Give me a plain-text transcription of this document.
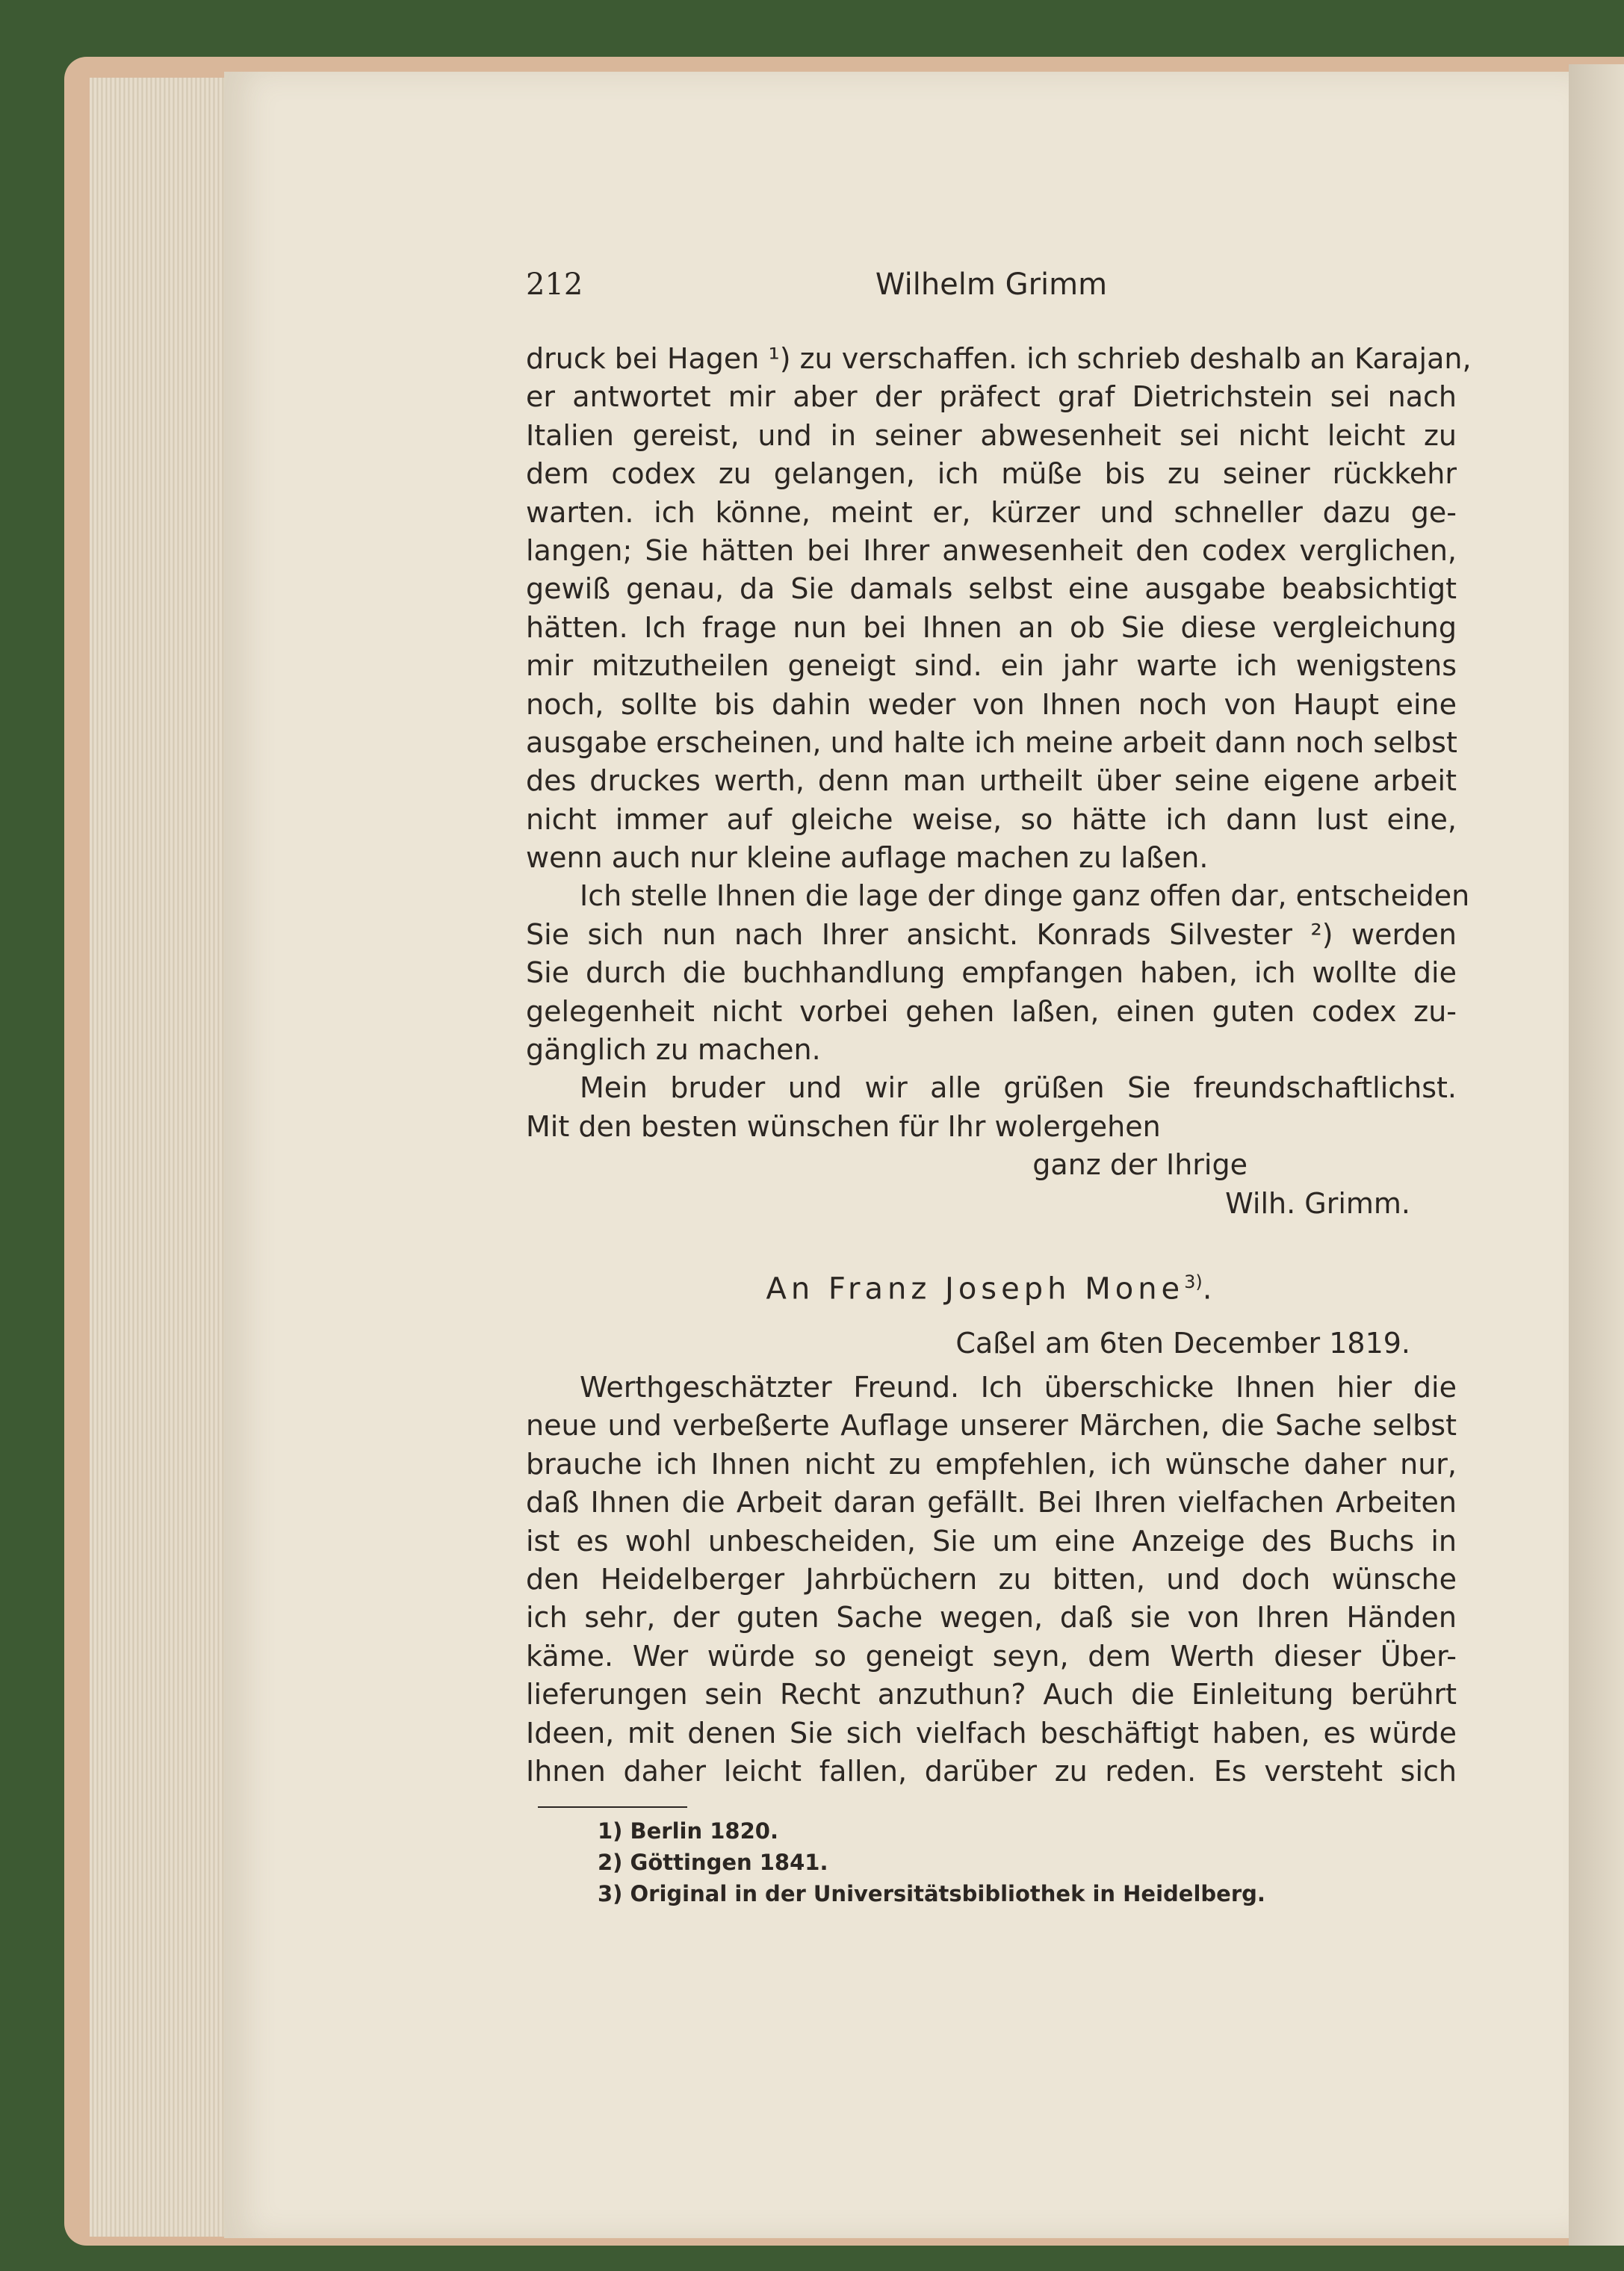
212	Wilhelm Grimm
druck bei Hagen ¹) zu verschaffen. ich schrieb deshalb an Karajan,
er antwortet mir aber der präfect graf Dietrichstein sei nach
Italien gereist, und in seiner abwesenheit sei nicht leicht zu
dem codex zu gelangen, ich müße bis zu seiner rückkehr
warten. ich könne, meint er, kürzer und schneller dazu ge-
langen; Sie hätten bei Ihrer anwesenheit den codex verglichen,
gewiß genau, da Sie damals selbst eine ausgabe beabsichtigt
hätten. Ich frage nun bei Ihnen an ob Sie diese vergleichung
mir mitzutheilen geneigt sind. ein jahr warte ich wenigstens
noch, sollte bis dahin weder von Ihnen noch von Haupt eine
ausgabe erscheinen, und halte ich meine arbeit dann noch selbst
des druckes werth, denn man urtheilt über seine eigene arbeit
nicht immer auf gleiche weise, so hätte ich dann lust eine,
wenn auch nur kleine auflage machen zu laßen.
Ich stelle Ihnen die lage der dinge ganz offen dar, entscheiden
Sie sich nun nach Ihrer ansicht. Konrads Silvester ²) werden
Sie durch die buchhandlung empfangen haben, ich wollte die
gelegenheit nicht vorbei gehen laßen, einen guten codex zu-
gänglich zu machen.
Mein bruder und wir alle grüßen Sie freundschaftlichst.
Mit den besten wünschen für Ihr wolergehen
ganz der Ihrige
Wilh. Grimm.
An Franz Joseph Mone$^{3)}$.
Caßel am 6ten December 1819.
Werthgeschätzter Freund. Ich überschicke Ihnen hier die
neue und verbeßerte Auflage unserer Märchen, die Sache selbst
brauche ich Ihnen nicht zu empfehlen, ich wünsche daher nur,
daß Ihnen die Arbeit daran gefällt. Bei Ihren vielfachen Arbeiten
ist es wohl unbescheiden, Sie um eine Anzeige des Buchs in
den Heidelberger Jahrbüchern zu bitten, und doch wünsche
ich sehr, der guten Sache wegen, daß sie von Ihren Händen
käme. Wer würde so geneigt seyn, dem Werth dieser Über-
lieferungen sein Recht anzuthun? Auch die Einleitung berührt
Ideen, mit denen Sie sich vielfach beschäftigt haben, es würde
Ihnen daher leicht fallen, darüber zu reden. Es versteht sich
1) Berlin 1820.
2) Göttingen 1841.
3) Original in der Universitätsbibliothek in Heidelberg.
